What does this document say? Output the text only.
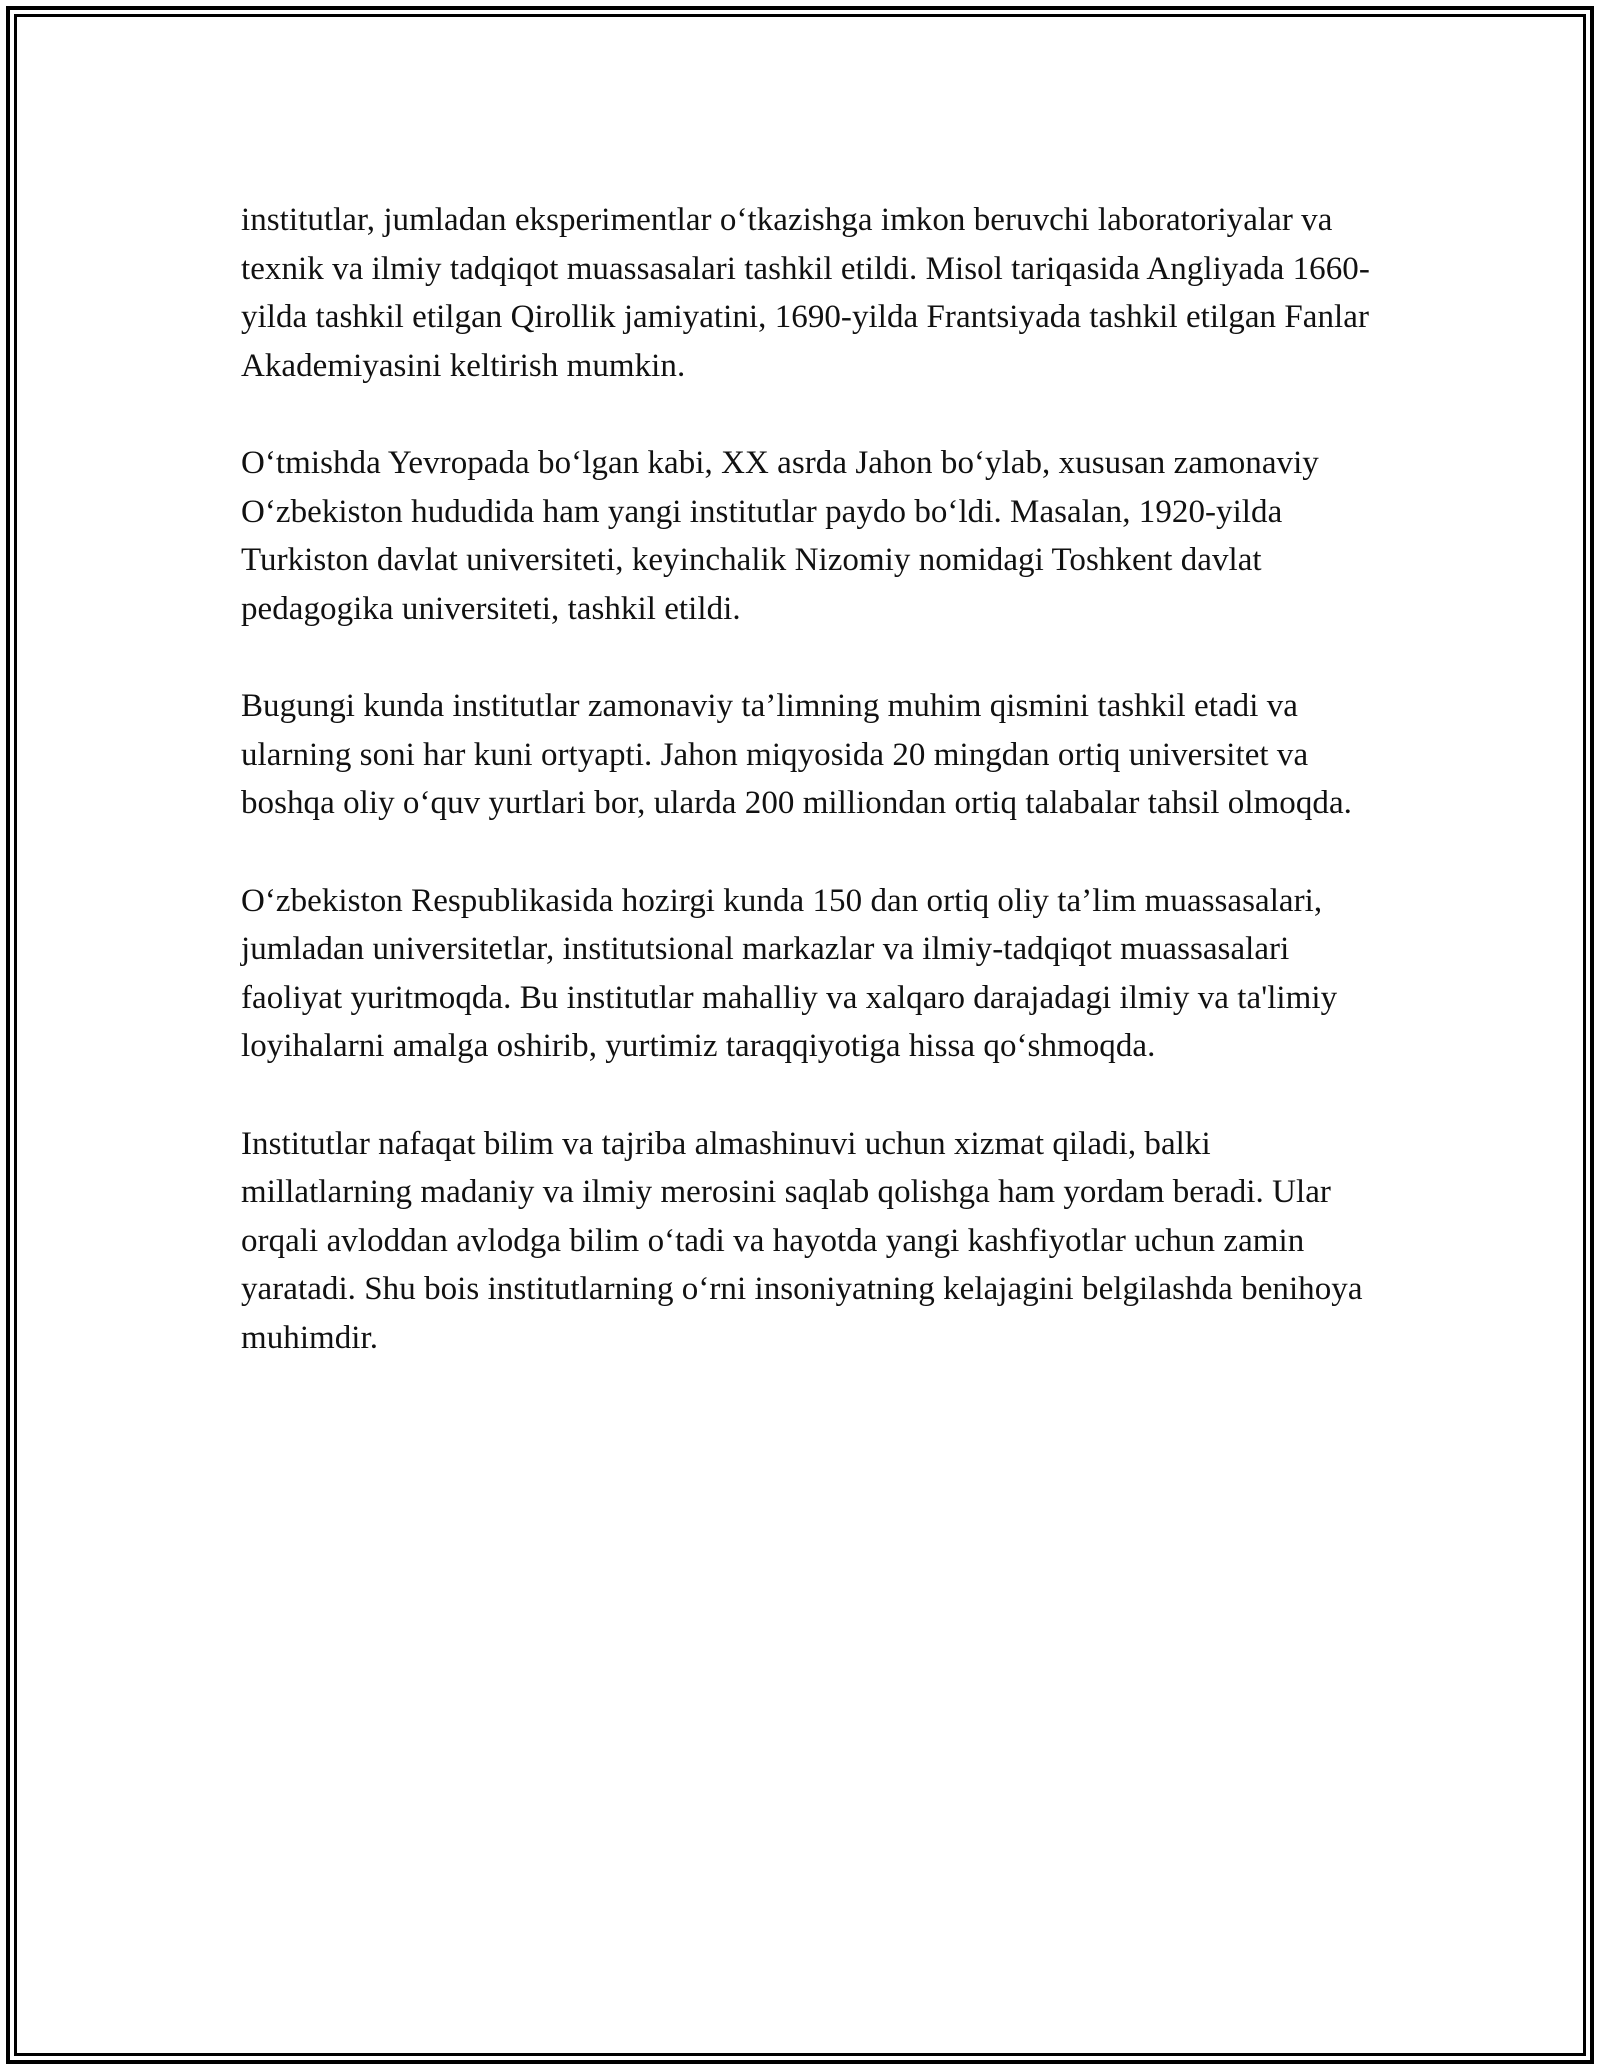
institutlar, jumladan eksperimentlar o‘tkazishga imkon beruvchi laboratoriyalar va texnik va ilmiy tadqiqot muassasalari tashkil etildi. Misol tariqasida Angliyada 1660-yilda tashkil etilgan Qirollik jamiyatini, 1690-yilda Frantsiyada tashkil etilgan Fanlar Akademiyasini keltirish mumkin.

O‘tmishda Yevropada bo‘lgan kabi, XX asrda Jahon bo‘ylab, xususan zamonaviy O‘zbekiston hududida ham yangi institutlar paydo bo‘ldi. Masalan, 1920-yilda Turkiston davlat universiteti, keyinchalik Nizomiy nomidagi Toshkent davlat pedagogika universiteti, tashkil etildi.

Bugungi kunda institutlar zamonaviy ta’limning muhim qismini tashkil etadi va ularning soni har kuni ortyapti. Jahon miqyosida 20 mingdan ortiq universitet va boshqa oliy o‘quv yurtlari bor, ularda 200 milliondan ortiq talabalar tahsil olmoqda.

O‘zbekiston Respublikasida hozirgi kunda 150 dan ortiq oliy ta’lim muassasalari, jumladan universitetlar, institutsional markazlar va ilmiy-tadqiqot muassasalari faoliyat yuritmoqda. Bu institutlar mahalliy va xalqaro darajadagi ilmiy va ta'limiy loyihalarni amalga oshirib, yurtimiz taraqqiyotiga hissa qo‘shmoqda.

Institutlar nafaqat bilim va tajriba almashinuvi uchun xizmat qiladi, balki millatlarning madaniy va ilmiy merosini saqlab qolishga ham yordam beradi. Ular orqali avloddan avlodga bilim o‘tadi va hayotda yangi kashfiyotlar uchun zamin yaratadi. Shu bois institutlarning o‘rni insoniyatning kelajagini belgilashda benihoya muhimdir.
